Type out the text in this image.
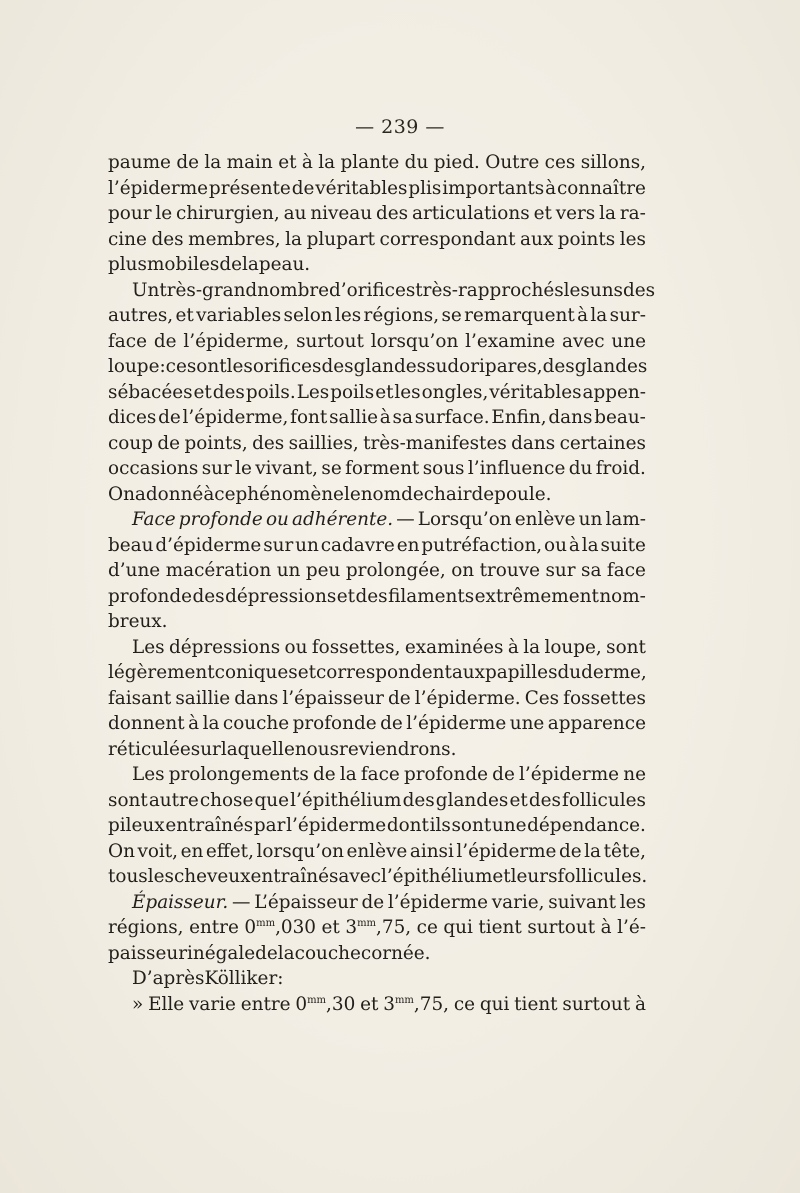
— 239 —
paume de la main et à la plante du pied. Outre ces sillons,
l’épiderme présente de véritables plis importants à connaître
pour le chirurgien, au niveau des articulations et vers la ra-
cine des membres, la plupart correspondant aux points les
plus mobiles de la peau.
Un très-grand nombre d’orifices très-rapprochés les uns des
autres, et variables selon les régions, se remarquent à la sur-
face de l’épiderme, surtout lorsqu’on l’examine avec une
loupe : ce sont les orifices des glandes sudoripares, des glandes
sébacées et des poils. Les poils et les ongles, véritables appen-
dices de l’épiderme, font sallie à sa surface. Enfin, dans beau-
coup de points, des saillies, très-manifestes dans certaines
occasions sur le vivant, se forment sous l’influence du froid.
On a donné à ce phénomène le nom de chair de poule.
Face profonde ou adhérente. — Lorsqu’on enlève un lam-
beau d’épiderme sur un cadavre en putréfaction, ou à la suite
d’une macération un peu prolongée, on trouve sur sa face
profonde des dépressions et des filaments extrêmement nom-
breux.
Les dépressions ou fossettes, examinées à la loupe, sont
légèrement coniques et correspondent aux papilles du derme,
faisant saillie dans l’épaisseur de l’épiderme. Ces fossettes
donnent à la couche profonde de l’épiderme une apparence
réticulée sur laquelle nous reviendrons.
Les prolongements de la face profonde de l’épiderme ne
sont autre chose que l’épithélium des glandes et des follicules
pileux entraînés par l’épiderme dont ils sont une dépendance.
On voit, en effet, lorsqu’on enlève ainsi l’épiderme de la tête,
tous les cheveux entraînés avec l’épithélium et leurs follicules.
Épaisseur. — L’épaisseur de l’épiderme varie, suivant les
régions, entre $0^{mm},030$ et $3^{mm},75$, ce qui tient surtout à l’é-
paisseur inégale de la couche cornée.
D’après Kölliker :
» Elle varie entre $0^{mm},30$ et $3^{mm},75$, ce qui tient surtout à
